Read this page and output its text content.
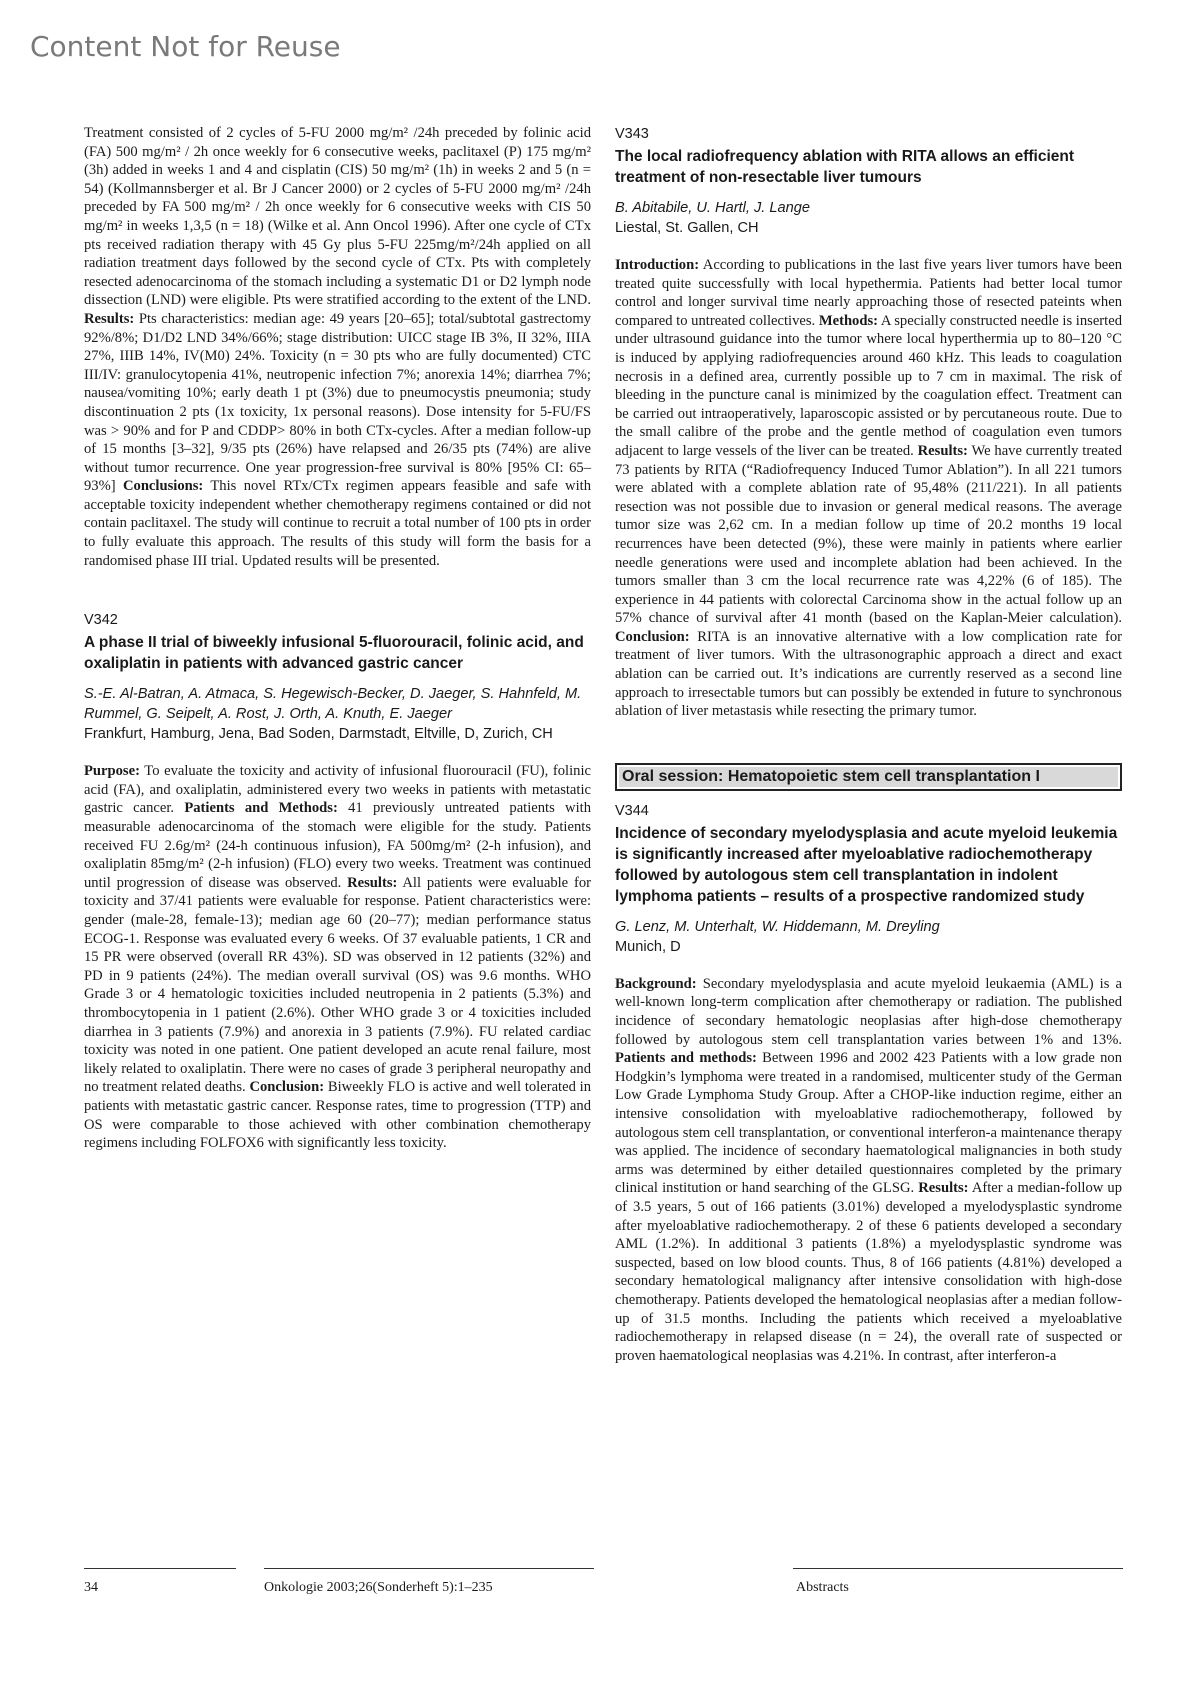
Content Not for Reuse

Treatment consisted of 2 cycles of 5-FU 2000 mg/m² /24h preceded by folinic acid (FA) 500 mg/m² / 2h once weekly for 6 consecutive weeks, paclitaxel (P) 175 mg/m² (3h) added in weeks 1 and 4 and cisplatin (CIS) 50 mg/m² (1h) in weeks 2 and 5 (n = 54) (Kollmannsberger et al. Br J Cancer 2000) or 2 cycles of 5-FU 2000 mg/m² /24h preceded by FA 500 mg/m² / 2h once weekly for 6 consecutive weeks with CIS 50 mg/m² in weeks 1,3,5 (n = 18) (Wilke et al. Ann Oncol 1996). After one cycle of CTx pts received radiation therapy with 45 Gy plus 5-FU 225mg/m²/24h applied on all radiation treatment days followed by the second cycle of CTx. Pts with completely resected adenocarcinoma of the stomach including a systematic D1 or D2 lymph node dissection (LND) were eligible. Pts were stratified according to the extent of the LND. Results: Pts characteristics: median age: 49 years [20–65]; total/subtotal gastrectomy 92%/8%; D1/D2 LND 34%/66%; stage distribution: UICC stage IB 3%, II 32%, IIIA 27%, IIIB 14%, IV(M0) 24%. Toxicity (n = 30 pts who are fully documented) CTC III/IV: granulocytopenia 41%, neutropenic infection 7%; anorexia 14%; diarrhea 7%; nausea/vomiting 10%; early death 1 pt (3%) due to pneumocystis pneumonia; study discontinuation 2 pts (1x toxicity, 1x personal reasons). Dose intensity for 5-FU/FS was > 90% and for P and CDDP> 80% in both CTx-cycles. After a median follow-up of 15 months [3–32], 9/35 pts (26%) have relapsed and 26/35 pts (74%) are alive without tumor recurrence. One year progression-free survival is 80% [95% CI: 65–93%] Conclusions: This novel RTx/CTx regimen appears feasible and safe with acceptable toxicity independent whether chemotherapy regimens contained or did not contain paclitaxel. The study will continue to recruit a total number of 100 pts in order to fully evaluate this approach. The results of this study will form the basis for a randomised phase III trial. Updated results will be presented.

V342

A phase II trial of biweekly infusional 5-fluorouracil, folinic acid, and oxaliplatin in patients with advanced gastric cancer

S.-E. Al-Batran, A. Atmaca, S. Hegewisch-Becker, D. Jaeger, S. Hahnfeld, M. Rummel, G. Seipelt, A. Rost, J. Orth, A. Knuth, E. Jaeger

Frankfurt, Hamburg, Jena, Bad Soden, Darmstadt, Eltville, D, Zurich, CH

Purpose: To evaluate the toxicity and activity of infusional fluorouracil (FU), folinic acid (FA), and oxaliplatin, administered every two weeks in patients with metastatic gastric cancer. Patients and Methods: 41 previously untreated patients with measurable adenocarcinoma of the stomach were eligible for the study. Patients received FU 2.6g/m² (24-h continuous infusion), FA 500mg/m² (2-h infusion), and oxaliplatin 85mg/m² (2-h infusion) (FLO) every two weeks. Treatment was continued until progression of disease was observed. Results: All patients were evaluable for toxicity and 37/41 patients were evaluable for response. Patient characteristics were: gender (male-28, female-13); median age 60 (20–77); median performance status ECOG-1. Response was evaluated every 6 weeks. Of 37 evaluable patients, 1 CR and 15 PR were observed (overall RR 43%). SD was observed in 12 patients (32%) and PD in 9 patients (24%). The median overall survival (OS) was 9.6 months. WHO Grade 3 or 4 hematologic toxicities included neutropenia in 2 patients (5.3%) and thrombocytopenia in 1 patient (2.6%). Other WHO grade 3 or 4 toxicities included diarrhea in 3 patients (7.9%) and anorexia in 3 patients (7.9%). FU related cardiac toxicity was noted in one patient. One patient developed an acute renal failure, most likely related to oxaliplatin. There were no cases of grade 3 peripheral neuropathy and no treatment related deaths. Conclusion: Biweekly FLO is active and well tolerated in patients with metastatic gastric cancer. Response rates, time to progression (TTP) and OS were comparable to those achieved with other combination chemotherapy regimens including FOLFOX6 with significantly less toxicity.

V343

The local radiofrequency ablation with RITA allows an efficient treatment of non-resectable liver tumours

B. Abitabile, U. Hartl, J. Lange

Liestal, St. Gallen, CH

Introduction: According to publications in the last five years liver tumors have been treated quite successfully with local hypethermia. Patients had better local tumor control and longer survival time nearly approaching those of resected pateints when compared to untreated collectives. Methods: A specially constructed needle is inserted under ultrasound guidance into the tumor where local hyperthermia up to 80–120 °C is induced by applying radiofrequencies around 460 kHz. This leads to coagulation necrosis in a defined area, currently possible up to 7 cm in maximal. The risk of bleeding in the puncture canal is minimized by the coagulation effect. Treatment can be carried out intraoperatively, laparoscopic assisted or by percutaneous route. Due to the small calibre of the probe and the gentle method of coagulation even tumors adjacent to large vessels of the liver can be treated. Results: We have currently treated 73 patients by RITA (“Radiofrequency Induced Tumor Ablation”). In all 221 tumors were ablated with a complete ablation rate of 95,48% (211/221). In all patients resection was not possible due to invasion or general medical reasons. The average tumor size was 2,62 cm. In a median follow up time of 20.2 months 19 local recurrences have been detected (9%), these were mainly in patients where earlier needle generations were used and incomplete ablation had been achieved. In the tumors smaller than 3 cm the local recurrence rate was 4,22% (6 of 185). The experience in 44 patients with colorectal Carcinoma show in the actual follow up an 57% chance of survival after 41 month (based on the Kaplan-Meier calculation). Conclusion: RITA is an innovative alternative with a low complication rate for treatment of liver tumors. With the ultrasonographic approach a direct and exact ablation can be carried out. It’s indications are currently reserved as a second line approach to irresectable tumors but can possibly be extended in future to synchronous ablation of liver metastasis while resecting the primary tumor.

Oral session: Hematopoietic stem cell transplantation I

V344

Incidence of secondary myelodysplasia and acute myeloid leukemia is significantly increased after myeloablative radiochemotherapy followed by autologous stem cell transplantation in indolent lymphoma patients – results of a prospective randomized study

G. Lenz, M. Unterhalt, W. Hiddemann, M. Dreyling

Munich, D

Background: Secondary myelodysplasia and acute myeloid leukaemia (AML) is a well-known long-term complication after chemotherapy or radiation. The published incidence of secondary hematologic neoplasias after high-dose chemotherapy followed by autologous stem cell transplantation varies between 1% and 13%. Patients and methods: Between 1996 and 2002 423 Patients with a low grade non Hodgkin’s lymphoma were treated in a randomised, multicenter study of the German Low Grade Lymphoma Study Group. After a CHOP-like induction regime, either an intensive consolidation with myeloablative radiochemotherapy, followed by autologous stem cell transplantation, or conventional interferon-a maintenance therapy was applied. The incidence of secondary haematological malignancies in both study arms was determined by either detailed questionnaires completed by the primary clinical institution or hand searching of the GLSG. Results: After a median-follow up of 3.5 years, 5 out of 166 patients (3.01%) developed a myelodysplastic syndrome after myeloablative radiochemotherapy. 2 of these 6 patients developed a secondary AML (1.2%). In additional 3 patients (1.8%) a myelodysplastic syndrome was suspected, based on low blood counts. Thus, 8 of 166 patients (4.81%) developed a secondary hematological malignancy after intensive consolidation with high-dose chemotherapy. Patients developed the hematological neoplasias after a median follow-up of 31.5 months. Including the patients which received a myeloablative radiochemotherapy in relapsed disease (n = 24), the overall rate of suspected or proven haematological neoplasias was 4.21%. In contrast, after interferon-a

34	Onkologie 2003;26(Sonderheft 5):1–235	Abstracts
